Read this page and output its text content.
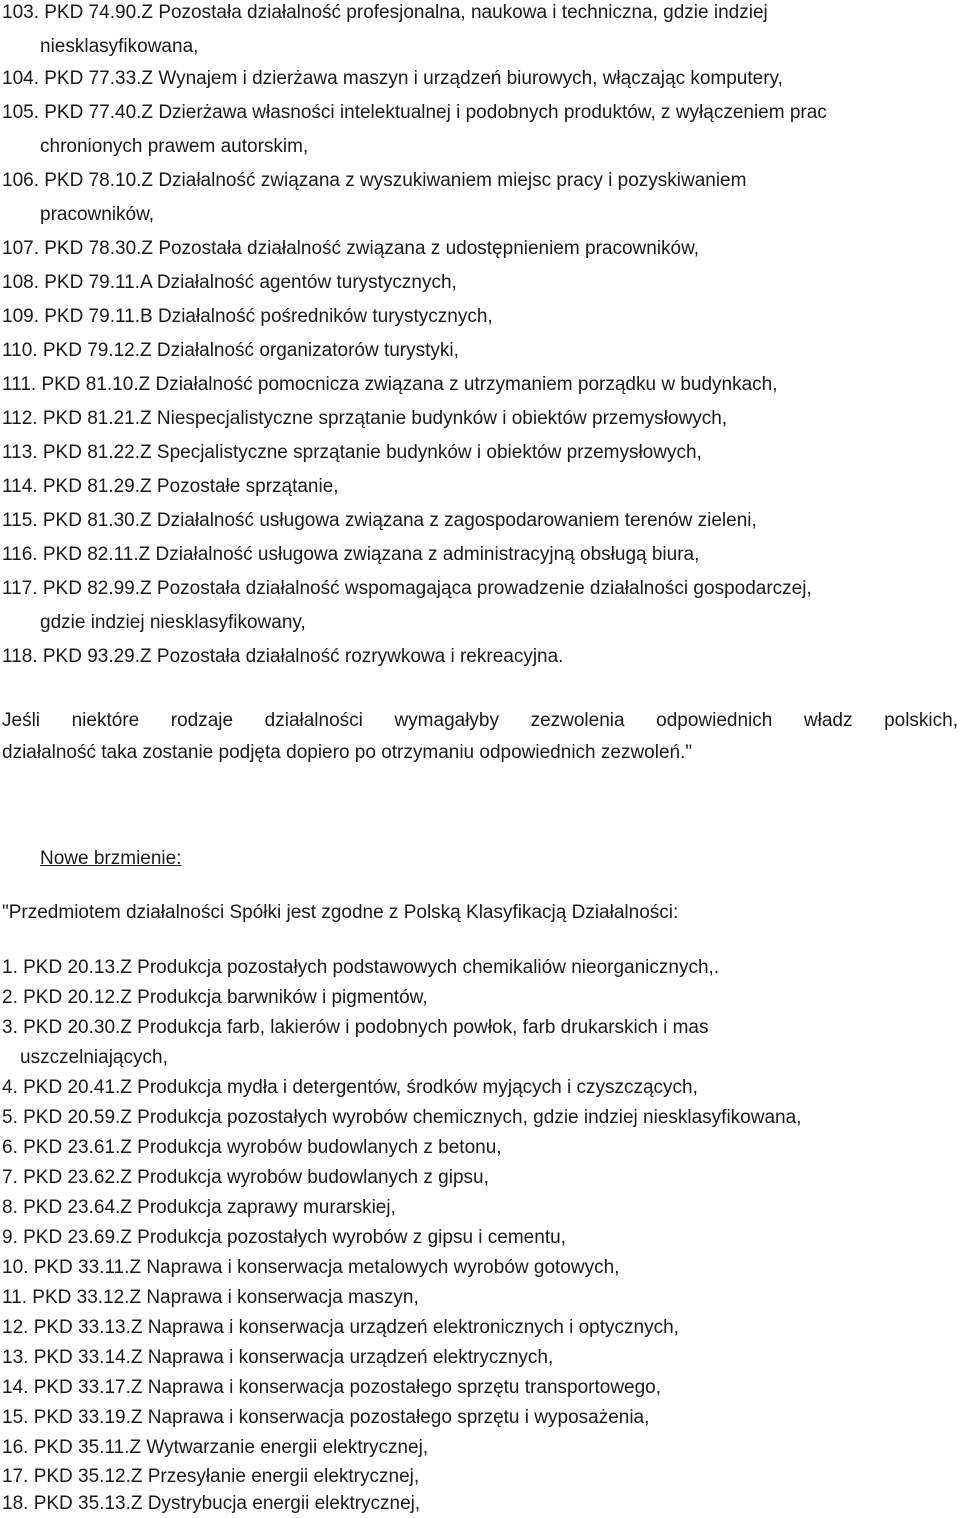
103. PKD 74.90.Z Pozostała działalność profesjonalna, naukowa i techniczna, gdzie indziej
niesklasyfikowana,
104. PKD 77.33.Z Wynajem i dzierżawa maszyn i urządzeń biurowych, włączając komputery,
105. PKD 77.40.Z Dzierżawa własności intelektualnej i podobnych produktów, z wyłączeniem prac
chronionych prawem autorskim,
106. PKD 78.10.Z Działalność związana z wyszukiwaniem miejsc pracy i pozyskiwaniem
pracowników,
107. PKD 78.30.Z Pozostała działalność związana z udostępnieniem pracowników,
108. PKD 79.11.A Działalność agentów turystycznych,
109. PKD 79.11.B Działalność pośredników turystycznych,
110. PKD 79.12.Z Działalność organizatorów turystyki,
111. PKD 81.10.Z Działalność pomocnicza związana z utrzymaniem porządku w budynkach,
112. PKD 81.21.Z Niespecjalistyczne sprzątanie budynków i obiektów przemysłowych,
113. PKD 81.22.Z Specjalistyczne sprzątanie budynków i obiektów przemysłowych,
114. PKD 81.29.Z Pozostałe sprzątanie,
115. PKD 81.30.Z Działalność usługowa związana z zagospodarowaniem terenów zieleni,
116. PKD 82.11.Z Działalność usługowa związana z administracyjną obsługą biura,
117. PKD 82.99.Z Pozostała działalność wspomagająca prowadzenie działalności gospodarczej,
gdzie indziej niesklasyfikowany,
118. PKD 93.29.Z Pozostała działalność rozrywkowa i rekreacyjna.
Jeśli niektóre rodzaje działalności wymagałyby zezwolenia odpowiednich władz polskich,
działalność taka zostanie podjęta dopiero po otrzymaniu odpowiednich zezwoleń."
Nowe brzmienie:
"Przedmiotem działalności Spółki jest zgodne z Polską Klasyfikacją Działalności:
1. PKD 20.13.Z Produkcja pozostałych podstawowych chemikaliów nieorganicznych,.
2. PKD 20.12.Z Produkcja barwników i pigmentów,
3. PKD 20.30.Z Produkcja farb, lakierów i podobnych powłok, farb drukarskich i mas
uszczelniających,
4. PKD 20.41.Z Produkcja mydła i detergentów, środków myjących i czyszczących,
5. PKD 20.59.Z Produkcja pozostałych wyrobów chemicznych, gdzie indziej niesklasyfikowana,
6. PKD 23.61.Z Produkcja wyrobów budowlanych z betonu,
7. PKD 23.62.Z Produkcja wyrobów budowlanych z gipsu,
8. PKD 23.64.Z Produkcja zaprawy murarskiej,
9. PKD 23.69.Z Produkcja pozostałych wyrobów z gipsu i cementu,
10. PKD 33.11.Z Naprawa i konserwacja metalowych wyrobów gotowych,
11. PKD 33.12.Z Naprawa i konserwacja maszyn,
12. PKD 33.13.Z Naprawa i konserwacja urządzeń elektronicznych i optycznych,
13. PKD 33.14.Z Naprawa i konserwacja urządzeń elektrycznych,
14. PKD 33.17.Z Naprawa i konserwacja pozostałego sprzętu transportowego,
15. PKD 33.19.Z Naprawa i konserwacja pozostałego sprzętu i wyposażenia,
16. PKD 35.11.Z Wytwarzanie energii elektrycznej,
17. PKD 35.12.Z Przesyłanie energii elektrycznej,
18. PKD 35.13.Z Dystrybucja energii elektrycznej,
